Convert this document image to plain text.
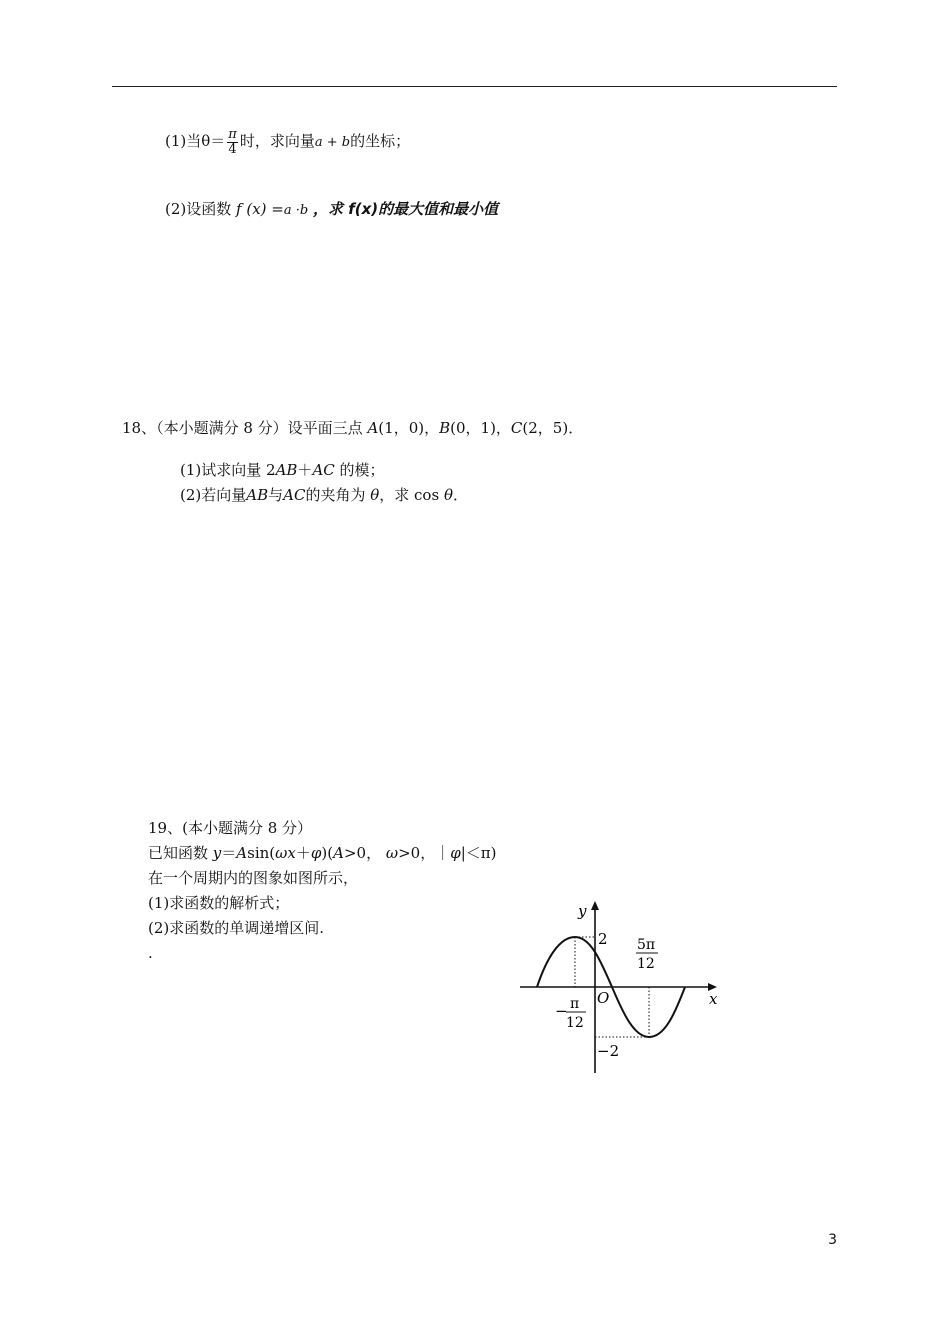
(1)当$\theta= \frac{\pi}{4}$ 时，求向量a + b的坐标；
(2)设函数 f (x) =a ·b ，求 f(x)的最大值和最小值
18、（本小题满分 8 分）设平面三点 A(1，0)，B(0，1)，C(2，5)．
(1)试求向量 2AB＋AC 的模；
(2)若向量AB与AC的夹角为 θ，求 cos θ．
19、(本小题满分 8 分）
已知函数 y＝Asin(ωx＋φ)(A>0， ω>0，｜φ|＜π)
在一个周期内的图象如图所示，
(1)求函数的解析式；
(2)求函数的单调递增区间.
.
y
x
O
2
−2
− π
12
5π
12
3
